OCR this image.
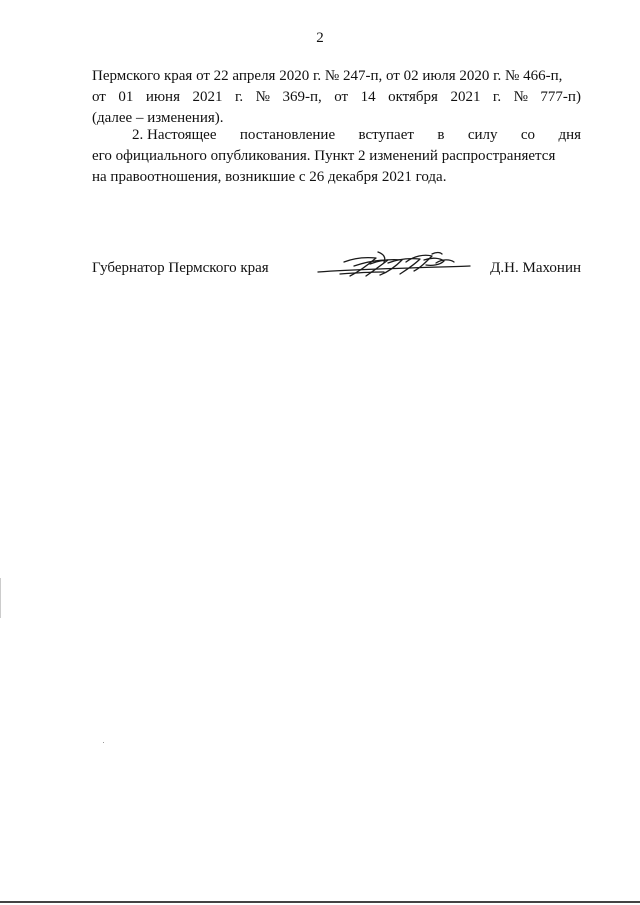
2
Пермского края от 22 апреля 2020 г. № 247-п, от 02 июля 2020 г. № 466-п,
от 01 июня 2021 г. № 369-п, от 14 октября 2021 г. № 777-п)
(далее – изменения).
2. Настоящее постановление вступает в силу со дня
его официального опубликования. Пункт 2 изменений распространяется
на правоотношения, возникшие с 26 декабря 2021 года.
Губернатор Пермского края	Д.Н. Махонин
